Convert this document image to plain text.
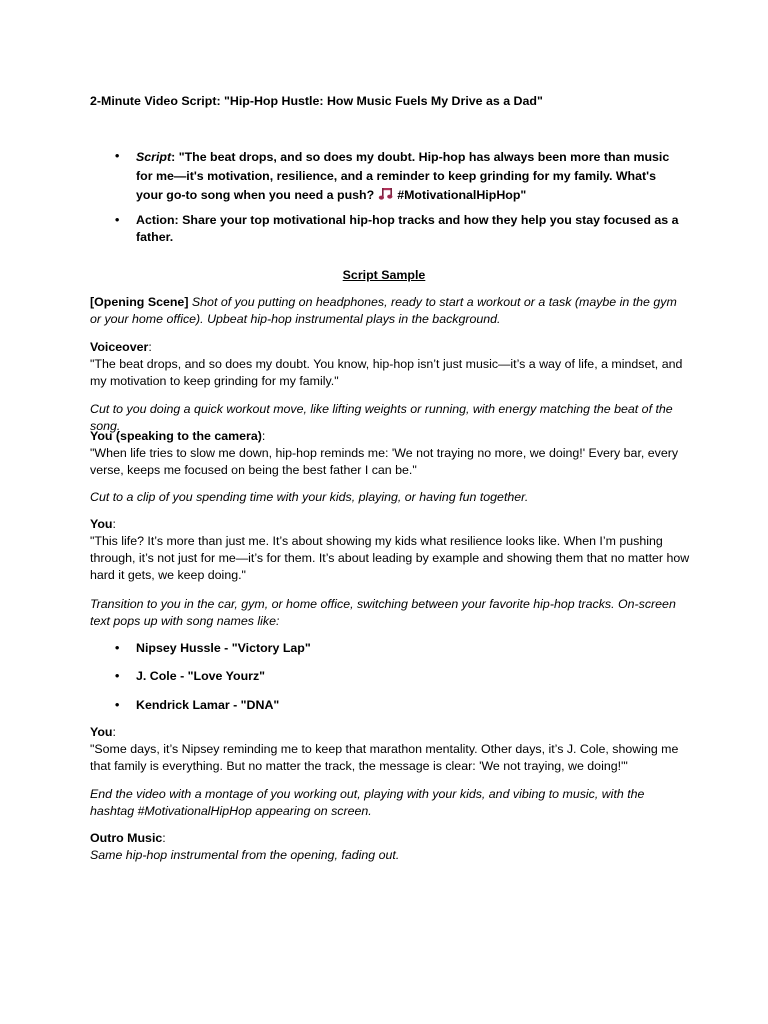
2-Minute Video Script: "Hip-Hop Hustle: How Music Fuels My Drive as a Dad"
• Script: "The beat drops, and so does my doubt. Hip-hop has always been more than music for me—it's motivation, resilience, and a reminder to keep grinding for my family. What's your go-to song when you need a push? #MotivationalHipHop"
• Action: Share your top motivational hip-hop tracks and how they help you stay focused as a father.
Script Sample
[Opening Scene] Shot of you putting on headphones, ready to start a workout or a task (maybe in the gym or your home office). Upbeat hip-hop instrumental plays in the background.
Voiceover:
"The beat drops, and so does my doubt. You know, hip-hop isn’t just music—it’s a way of life, a mindset, and my motivation to keep grinding for my family."
Cut to you doing a quick workout move, like lifting weights or running, with energy matching the beat of the song.
You (speaking to the camera):
"When life tries to slow me down, hip-hop reminds me: 'We not traying no more, we doing!' Every bar, every verse, keeps me focused on being the best father I can be."
Cut to a clip of you spending time with your kids, playing, or having fun together.
You:
"This life? It’s more than just me. It’s about showing my kids what resilience looks like. When I’m pushing through, it’s not just for me—it’s for them. It’s about leading by example and showing them that no matter how hard it gets, we keep doing."
Transition to you in the car, gym, or home office, switching between your favorite hip-hop tracks. On-screen text pops up with song names like:
• Nipsey Hussle - "Victory Lap"
• J. Cole - "Love Yourz"
• Kendrick Lamar - "DNA"
You:
"Some days, it’s Nipsey reminding me to keep that marathon mentality. Other days, it’s J. Cole, showing me that family is everything. But no matter the track, the message is clear: 'We not traying, we doing!'"
End the video with a montage of you working out, playing with your kids, and vibing to music, with the hashtag #MotivationalHipHop appearing on screen.
Outro Music:
Same hip-hop instrumental from the opening, fading out.
